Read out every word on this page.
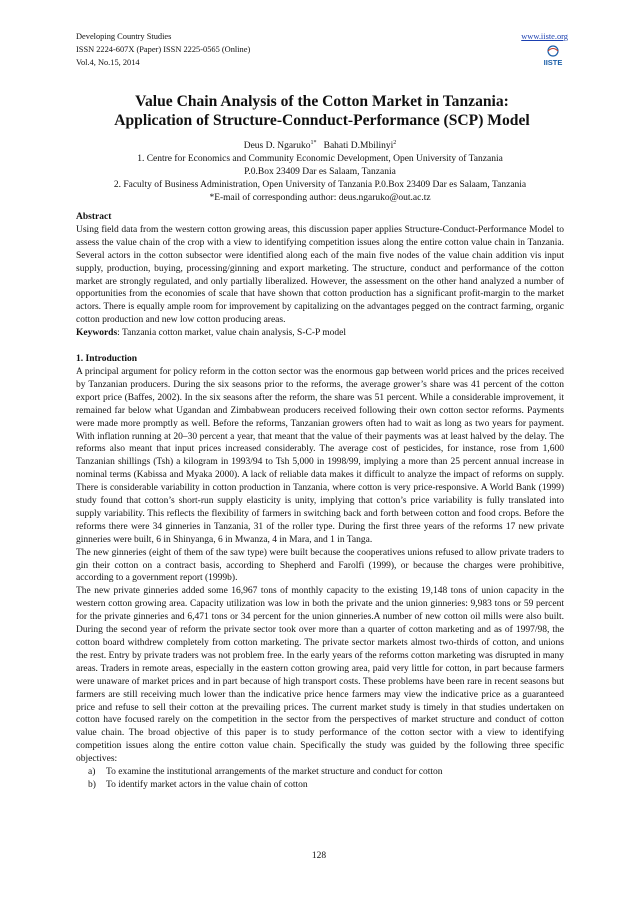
Developing Country Studies
ISSN 2224-607X (Paper) ISSN 2225-0565 (Online)
Vol.4, No.15, 2014
www.iiste.org
IISTE
Value Chain Analysis of the Cotton Market in Tanzania:
Application of Structure-Connduct-Performance (SCP) Model
Deus D. Ngaruko$^{1*}$ Bahati D.Mbilinyi$^2$
1. Centre for Economics and Community Economic Development, Open University of Tanzania
P.0.Box 23409 Dar es Salaam, Tanzania
2. Faculty of Business Administration, Open University of Tanzania P.0.Box 23409 Dar es Salaam, Tanzania
*E-mail of corresponding author: deus.ngaruko@out.ac.tz

Abstract

Using field data from the western cotton growing areas, this discussion paper applies Structure-Conduct-Performance Model to assess the value chain of the crop with a view to identifying competition issues along the entire cotton value chain in Tanzania. Several actors in the cotton subsector were identified along each of the main five nodes of the value chain addition vis input supply, production, buying, processing/ginning and export marketing. The structure, conduct and performance of the cotton market are strongly regulated, and only partially liberalized. However, the assessment on the other hand analyzed a number of opportunities from the economies of scale that have shown that cotton production has a significant profit-margin to the market actors. There is equally ample room for improvement by capitalizing on the advantages pegged on the contract farming, organic cotton production and new low cotton producing areas.

Keywords: Tanzania cotton market, value chain analysis, S-C-P model

1. Introduction

A principal argument for policy reform in the cotton sector was the enormous gap between world prices and the prices received by Tanzanian producers. During the six seasons prior to the reforms, the average grower’s share was 41 percent of the cotton export price (Baffes, 2002). In the six seasons after the reform, the share was 51 percent. While a considerable improvement, it remained far below what Ugandan and Zimbabwean producers received following their own cotton sector reforms. Payments were made more promptly as well. Before the reforms, Tanzanian growers often had to wait as long as two years for payment. With inflation running at 20–30 percent a year, that meant that the value of their payments was at least halved by the delay. The reforms also meant that input prices increased considerably. The average cost of pesticides, for instance, rose from 1,600 Tanzanian shillings (Tsh) a kilogram in 1993/94 to Tsh 5,000 in 1998/99, implying a more than 25 percent annual increase in nominal terms (Kabissa and Myaka 2000). A lack of reliable data makes it difficult to analyze the impact of reforms on supply. There is considerable variability in cotton production in Tanzania, where cotton is very price-responsive. A World Bank (1999) study found that cotton’s short-run supply elasticity is unity, implying that cotton’s price variability is fully translated into supply variability. This reflects the flexibility of farmers in switching back and forth between cotton and food crops. Before the reforms there were 34 ginneries in Tanzania, 31 of the roller type. During the first three years of the reforms 17 new private ginneries were built, 6 in Shinyanga, 6 in Mwanza, 4 in Mara, and 1 in Tanga.

The new ginneries (eight of them of the saw type) were built because the cooperatives unions refused to allow private traders to gin their cotton on a contract basis, according to Shepherd and Farolfi (1999), or because the charges were prohibitive, according to a government report (1999b).

The new private ginneries added some 16,967 tons of monthly capacity to the existing 19,148 tons of union capacity in the western cotton growing area. Capacity utilization was low in both the private and the union ginneries: 9,983 tons or 59 percent for the private ginneries and 6,471 tons or 34 percent for the union ginneries.A number of new cotton oil mills were also built. During the second year of reform the private sector took over more than a quarter of cotton marketing and as of 1997/98, the cotton board withdrew completely from cotton marketing. The private sector markets almost two-thirds of cotton, and unions the rest. Entry by private traders was not problem free. In the early years of the reforms cotton marketing was disrupted in many areas. Traders in remote areas, especially in the eastern cotton growing area, paid very little for cotton, in part because farmers were unaware of market prices and in part because of high transport costs. These problems have been rare in recent seasons but farmers are still receiving much lower than the indicative price hence farmers may view the indicative price as a guaranteed price and refuse to sell their cotton at the prevailing prices. The current market study is timely in that studies undertaken on cotton have focused rarely on the competition in the sector from the perspectives of market structure and conduct of cotton value chain. The broad objective of this paper is to study performance of the cotton sector with a view to identifying competition issues along the entire cotton value chain. Specifically the study was guided by the following three specific objectives:

a)	To examine the institutional arrangements of the market structure and conduct for cotton
b)	To identify market actors in the value chain of cotton
128
